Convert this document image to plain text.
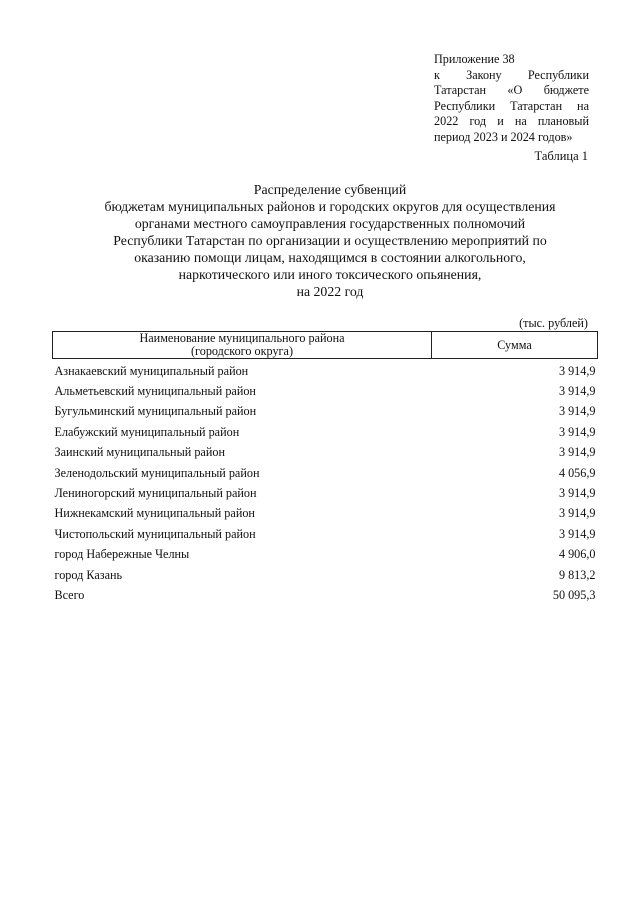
Приложение 38
к Закону Республики
Татарстан «О бюджете
Республики Татарстан на
2022 год и на плановый
период 2023 и 2024 годов»
Таблица 1
Распределение субвенций
бюджетам муниципальных районов и городских округов для осуществления
органами местного самоуправления государственных полномочий
Республики Татарстан по организации и осуществлению мероприятий по
оказанию помощи лицам, находящимся в состоянии алкогольного,
наркотического или иного токсического опьянения,
на 2022 год
(тыс. рублей)
Наименование муниципального района
(городского округа)	Сумма
Азнакаевский муниципальный район	3 914,9
Альметьевский муниципальный район	3 914,9
Бугульминский муниципальный район	3 914,9
Елабужский муниципальный район	3 914,9
Заинский муниципальный район	3 914,9
Зеленодольский муниципальный район	4 056,9
Лениногорский муниципальный район	3 914,9
Нижнекамский муниципальный район	3 914,9
Чистопольский муниципальный район	3 914,9
город Набережные Челны	4 906,0
город Казань	9 813,2
Всего	50 095,3
